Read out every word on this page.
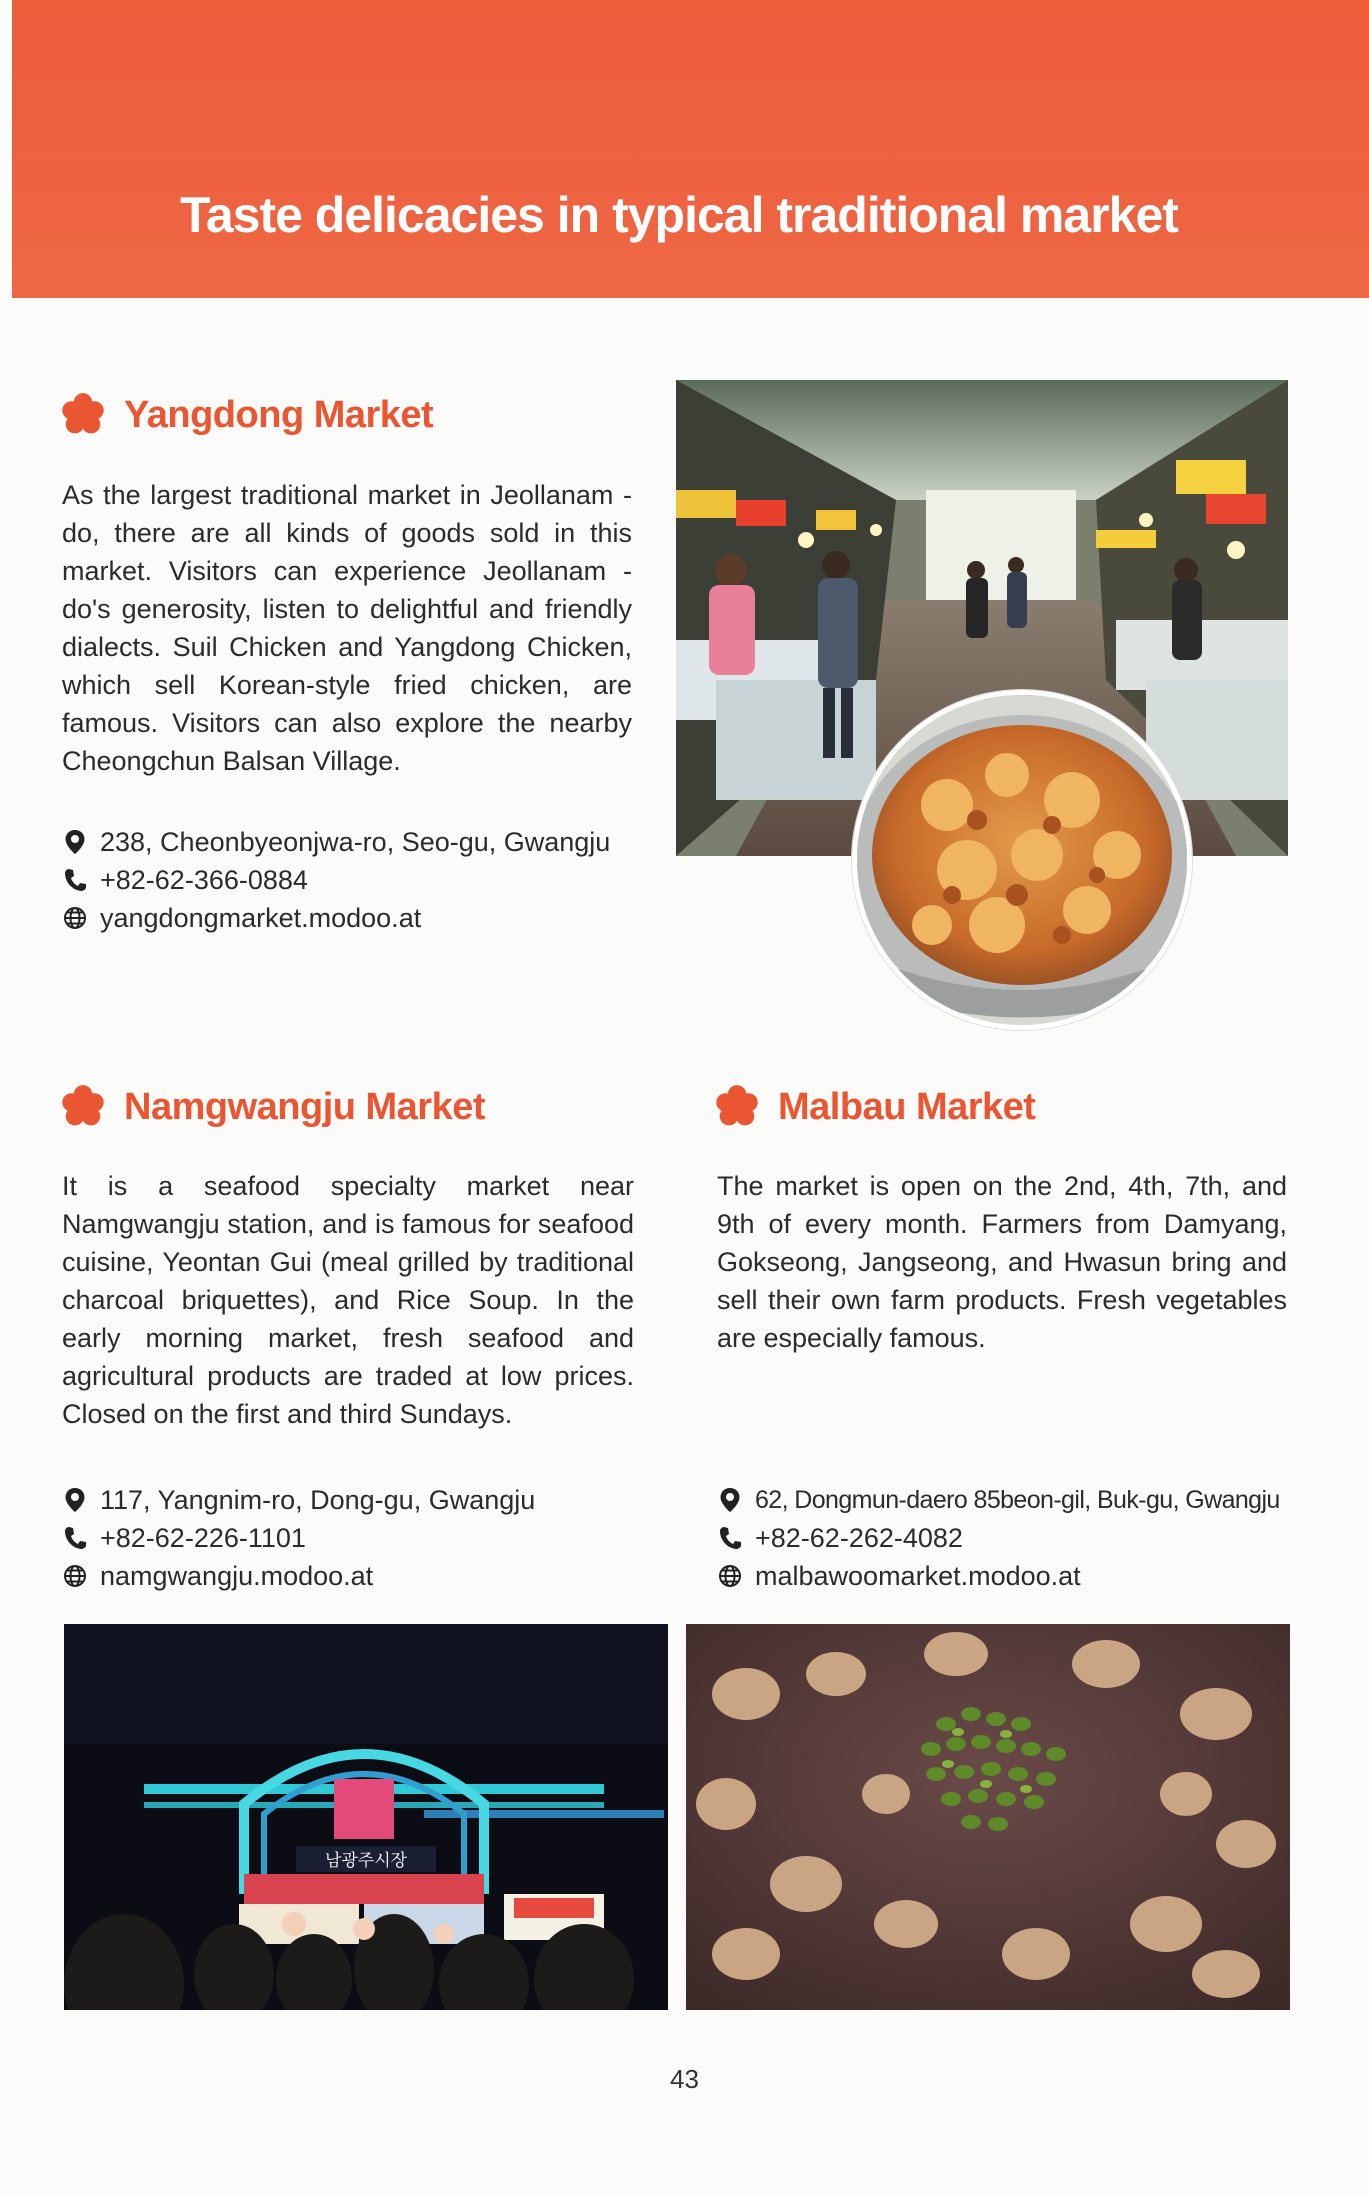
Taste delicacies in typical traditional market
Yangdong Market
As the largest traditional market in Jeollanam -do, there are all kinds of goods sold in this market. Visitors can experience Jeollanam -do's generosity, listen to delightful and friendly dialects. Suil Chicken and Yangdong Chicken, which sell Korean-style fried chicken, are famous. Visitors can also explore the nearby Cheongchun Balsan Village.
238, Cheonbyeonjwa-ro, Seo-gu, Gwangju
+82-62-366-0884
yangdongmarket.modoo.at
Namgwangju Market
It is a seafood specialty market near Namgwangju station, and is famous for seafood cuisine, Yeontan Gui (meal grilled by traditional charcoal briquettes), and Rice Soup. In the early morning market, fresh seafood and agricultural products are traded at low prices. Closed on the first and third Sundays.
117, Yangnim-ro, Dong-gu, Gwangju
+82-62-226-1101
namgwangju.modoo.at
남광주시장
Malbau Market
The market is open on the 2nd, 4th, 7th, and 9th of every month. Farmers from Damyang, Gokseong, Jangseong, and Hwasun bring and sell their own farm products. Fresh vegetables are especially famous.
62, Dongmun-daero 85beon-gil, Buk-gu, Gwangju
+82-62-262-4082
malbawoomarket.modoo.at
43
